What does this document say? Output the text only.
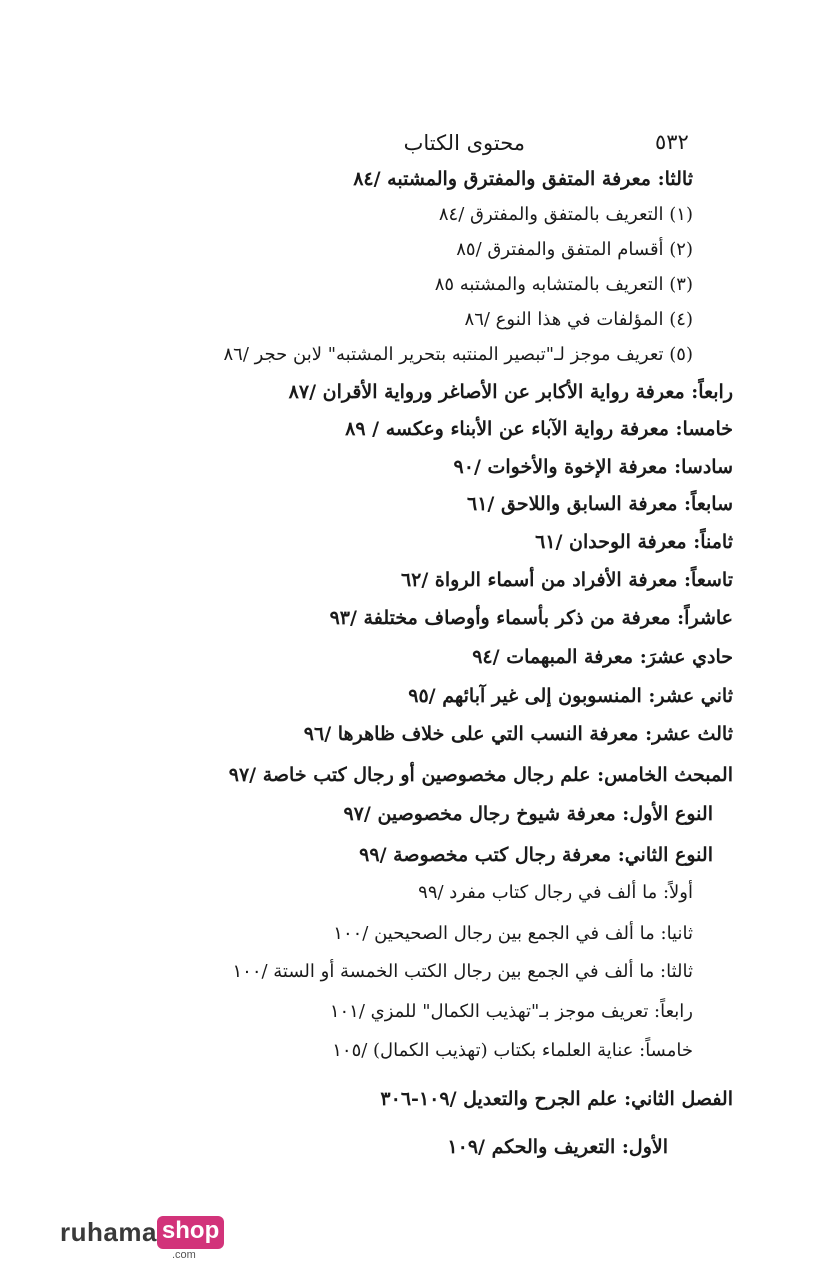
٥٣٢
محتوى الكتاب
ثالثا: معرفة المتفق والمفترق والمشتبه /٨٤
(١) التعريف بالمتفق والمفترق /٨٤
(٢) أقسام المتفق والمفترق /٨٥
(٣) التعريف بالمتشابه والمشتبه ٨٥
(٤) المؤلفات في هذا النوع /٨٦
(٥) تعريف موجز لـ"تبصير المنتبه بتحرير المشتبه" لابن حجر /٨٦
رابعاً: معرفة رواية الأكابر عن الأصاغر ورواية الأقران /٨٧
خامسا: معرفة رواية الآباء عن الأبناء وعكسه / ٨٩
سادسا: معرفة الإخوة والأخوات /٩٠
سابعاً: معرفة السابق واللاحق /٦١
ثامناً: معرفة الوحدان /٦١
تاسعاً: معرفة الأفراد من أسماء الرواة /٦٢
عاشراً: معرفة من ذكر بأسماء وأوصاف مختلفة /٩٣
حادي عشرَ: معرفة المبهمات /٩٤
ثاني عشر: المنسوبون إلى غير آبائهم /٩٥
ثالث عشر: معرفة النسب التي على خلاف ظاهرها /٩٦
المبحث الخامس: علم رجال مخصوصين أو رجال كتب خاصة /٩٧
النوع الأول: معرفة شيوخ رجال مخصوصين /٩٧
النوع الثاني: معرفة رجال كتب مخصوصة /٩٩
أولاً: ما ألف في رجال كتاب مفرد /٩٩
ثانيا: ما ألف في الجمع بين رجال الصحيحين /١٠٠
ثالثا: ما ألف في الجمع بين رجال الكتب الخمسة أو الستة /١٠٠
رابعاً: تعريف موجز بـ"تهذيب الكمال" للمزي /١٠١
خامساً: عناية العلماء بكتاب (تهذيب الكمال) /١٠٥
الفصل الثاني: علم الجرح والتعديل /١٠٩-٣٠٦
الأول: التعريف والحكم /١٠٩
ruhama shop
.com
